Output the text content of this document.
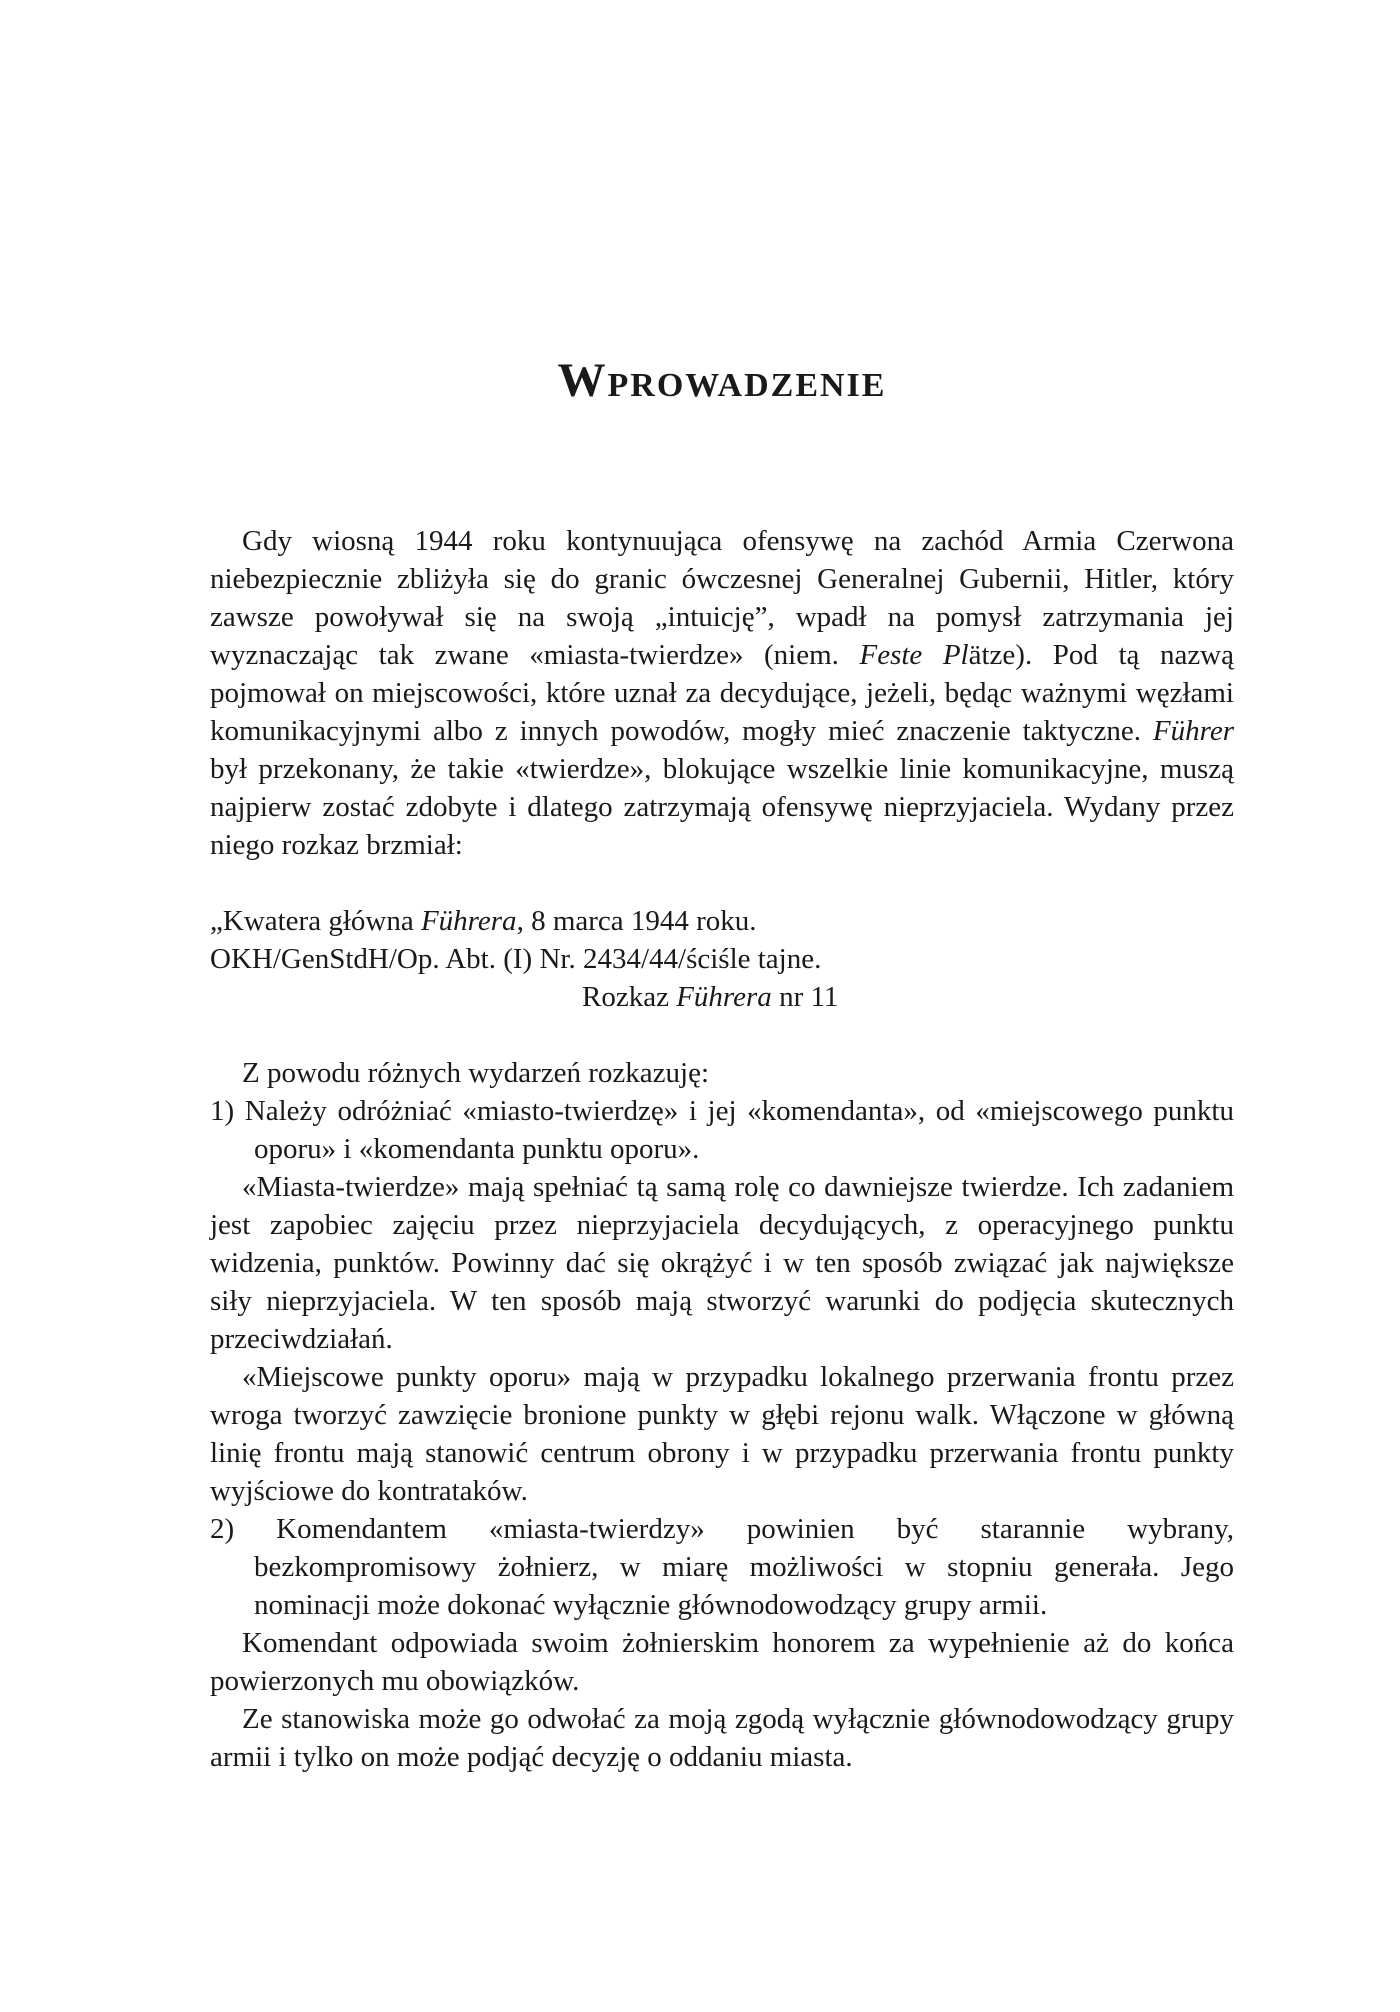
Wprowadzenie

Gdy wiosną 1944 roku kontynuująca ofensywę na zachód Armia Czerwona niebezpiecznie zbliżyła się do granic ówczesnej Generalnej Gubernii, Hitler, który zawsze powoływał się na swoją „intuicję”, wpadł na pomysł zatrzymania jej wyznaczając tak zwane «miasta-twierdze» (niem. Feste Plätze). Pod tą nazwą pojmował on miejscowości, które uznał za decydujące, jeżeli, będąc ważnymi węzłami komunikacyjnymi albo z innych powodów, mogły mieć znaczenie taktyczne. Führer był przekonany, że takie «twierdze», blokujące wszelkie linie komunikacyjne, muszą najpierw zostać zdobyte i dlatego zatrzymają ofensywę nieprzyjaciela. Wydany przez niego rozkaz brzmiał:

„Kwatera główna Führera, 8 marca 1944 roku.

OKH/GenStdH/Op. Abt. (I) Nr. 2434/44/ściśle tajne.

Rozkaz Führera nr 11

Z powodu różnych wydarzeń rozkazuję:

1) Należy odróżniać «miasto-twierdzę» i jej «komendanta», od «miejscowego punktu oporu» i «komendanta punktu oporu».

«Miasta-twierdze» mają spełniać tą samą rolę co dawniejsze twierdze. Ich zadaniem jest zapobiec zajęciu przez nieprzyjaciela decydujących, z operacyjnego punktu widzenia, punktów. Powinny dać się okrążyć i w ten sposób związać jak największe siły nieprzyjaciela. W ten sposób mają stworzyć warunki do podjęcia skutecznych przeciwdziałań.

«Miejscowe punkty oporu» mają w przypadku lokalnego przerwania frontu przez wroga tworzyć zawzięcie bronione punkty w głębi rejonu walk. Włączone w główną linię frontu mają stanowić centrum obrony i w przypadku przerwania frontu punkty wyjściowe do kontrataków.

2) Komendantem «miasta-twierdzy» powinien być starannie wybrany, bezkompromisowy żołnierz, w miarę możliwości w stopniu generała. Jego nominacji może dokonać wyłącznie głównodowodzący grupy armii.

Komendant odpowiada swoim żołnierskim honorem za wypełnienie aż do końca powierzonych mu obowiązków.

Ze stanowiska może go odwołać za moją zgodą wyłącznie głównodowodzący grupy armii i tylko on może podjąć decyzję o oddaniu miasta.
